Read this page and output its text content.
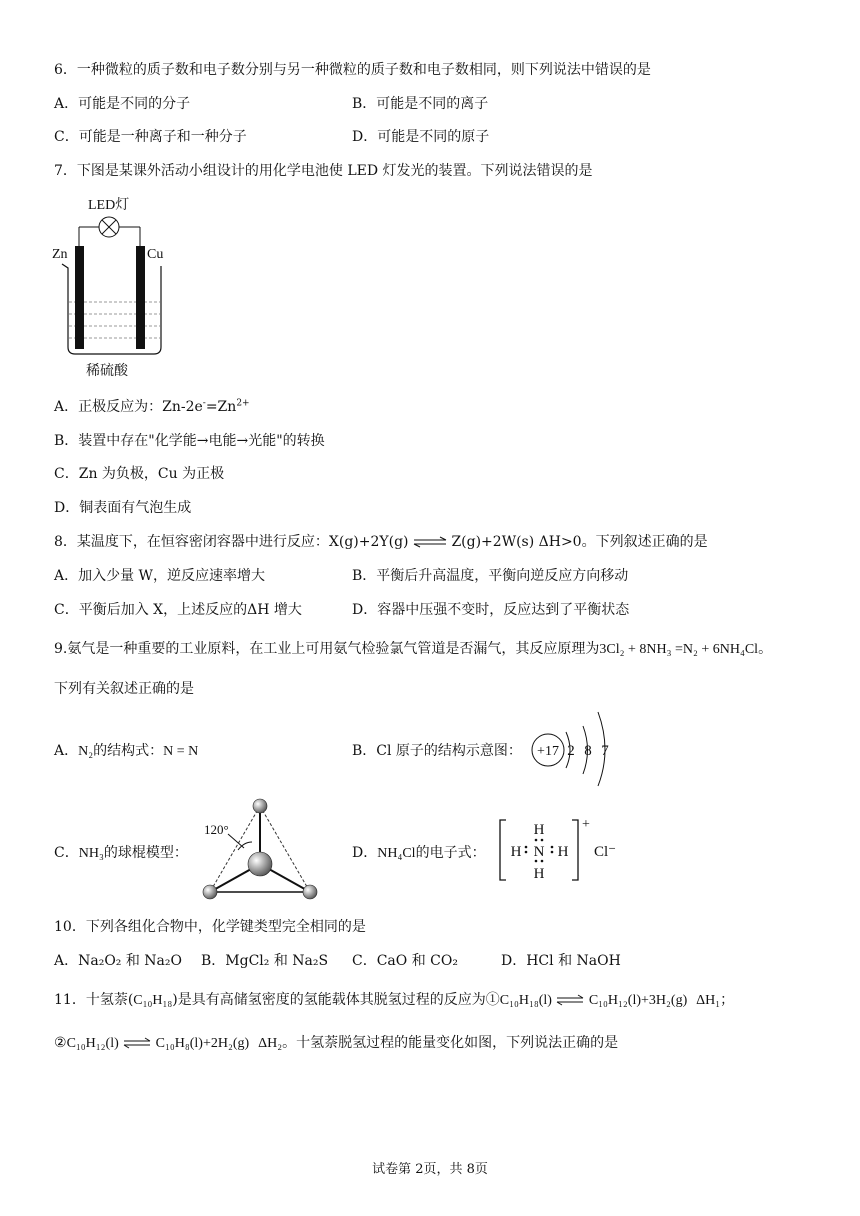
6．一种微粒的质子数和电子数分别与另一种微粒的质子数和电子数相同，则下列说法中错误的是
A．可能是不同的分子	B．可能是不同的离子
C．可能是一种离子和一种分子	D．可能是不同的原子
7．下图是某课外活动小组设计的用化学电池使 LED 灯发光的装置。下列说法错误的是
LED灯
Zn	Cu
稀硫酸
A．正极反应为：$Zn-2e^-=Zn^{2+}$
B．装置中存在"化学能→电能→光能"的转换
C．Zn 为负极，Cu 为正极
D．铜表面有气泡生成
8．某温度下，在恒容密闭容器中进行反应：X(g)+2Y(g) ⇌ Z(g)+2W(s) ΔH>0。下列叙述正确的是
A．加入少量 W，逆反应速率增大	B．平衡后升高温度，平衡向逆反应方向移动
C．平衡后加入 X，上述反应的ΔH 增大	D．容器中压强不变时，反应达到了平衡状态
9.氨气是一种重要的工业原料，在工业上可用氨气检验氯气管道是否漏气，其反应原理为3Cl₂ + 8NH₃ =N₂ + 6NH₄Cl。
下列有关叙述正确的是
A．N₂的结构式：N = N	B．Cl 原子的结构示意图： +17 2 8 7
C．NH₃的球棍模型：
120°
D．NH₄Cl的电子式：
H
H N H
H
+
Cl⁻
10．下列各组化合物中，化学键类型完全相同的是
A．Na₂O₂ 和 Na₂O B．MgCl₂ 和 Na₂S C．CaO 和 CO₂	D．HCl 和 NaOH
11．十氢萘(C₁₀H₁₈)是具有高储氢密度的氢能载体其脱氢过程的反应为①C₁₀H₁₈(l) ⇌ C₁₀H₁₂(l)+3H₂(g) ΔH₁；
②C₁₀H₁₂(l) ⇌ C₁₀H₈(l)+2H₂(g) ΔH₂。十氢萘脱氢过程的能量变化如图，下列说法正确的是
试卷第 2页，共 8页
